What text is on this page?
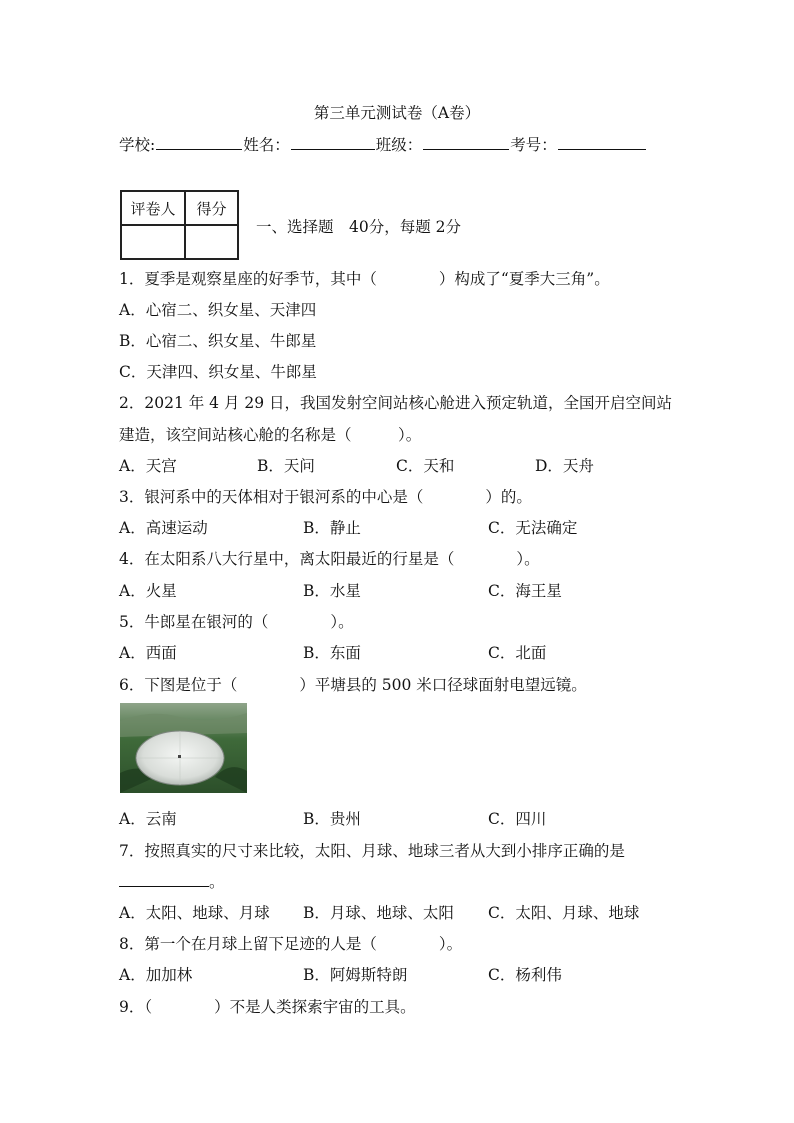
第三单元测试卷（A卷）
学校:	姓名：	班级：	考号：
评卷人	得分

一、选择题　40分，每题 2分
1．夏季是观察星座的好季节，其中（　　　　）构成了“夏季大三角”。
A．心宿二、织女星、天津四
B．心宿二、织女星、牛郎星
C．天津四、织女星、牛郎星
2．2021 年 4 月 29 日，我国发射空间站核心舱进入预定轨道，全国开启空间站
建造，该空间站核心舱的名称是（　　　）。
A．天宫	B．天问	C．天和	D．天舟
3．银河系中的天体相对于银河系的中心是（　　　　）的。
A．高速运动	B．静止	C．无法确定
4．在太阳系八大行星中，离太阳最近的行星是（　　　　）。
A．火星	B．水星	C．海王星
5．牛郎星在银河的（　　　　）。
A．西面	B．东面	C．北面
6．下图是位于（　　　　）平塘县的 500 米口径球面射电望远镜。
A．云南	B．贵州	C．四川
7．按照真实的尺寸来比较，太阳、月球、地球三者从大到小排序正确的是
。
A．太阳、地球、月球 B．月球、地球、太阳 C．太阳、月球、地球
8．第一个在月球上留下足迹的人是（　　　　）。
A．加加林	B．阿姆斯特朗	C．杨利伟
9．（　　　　）不是人类探索宇宙的工具。
